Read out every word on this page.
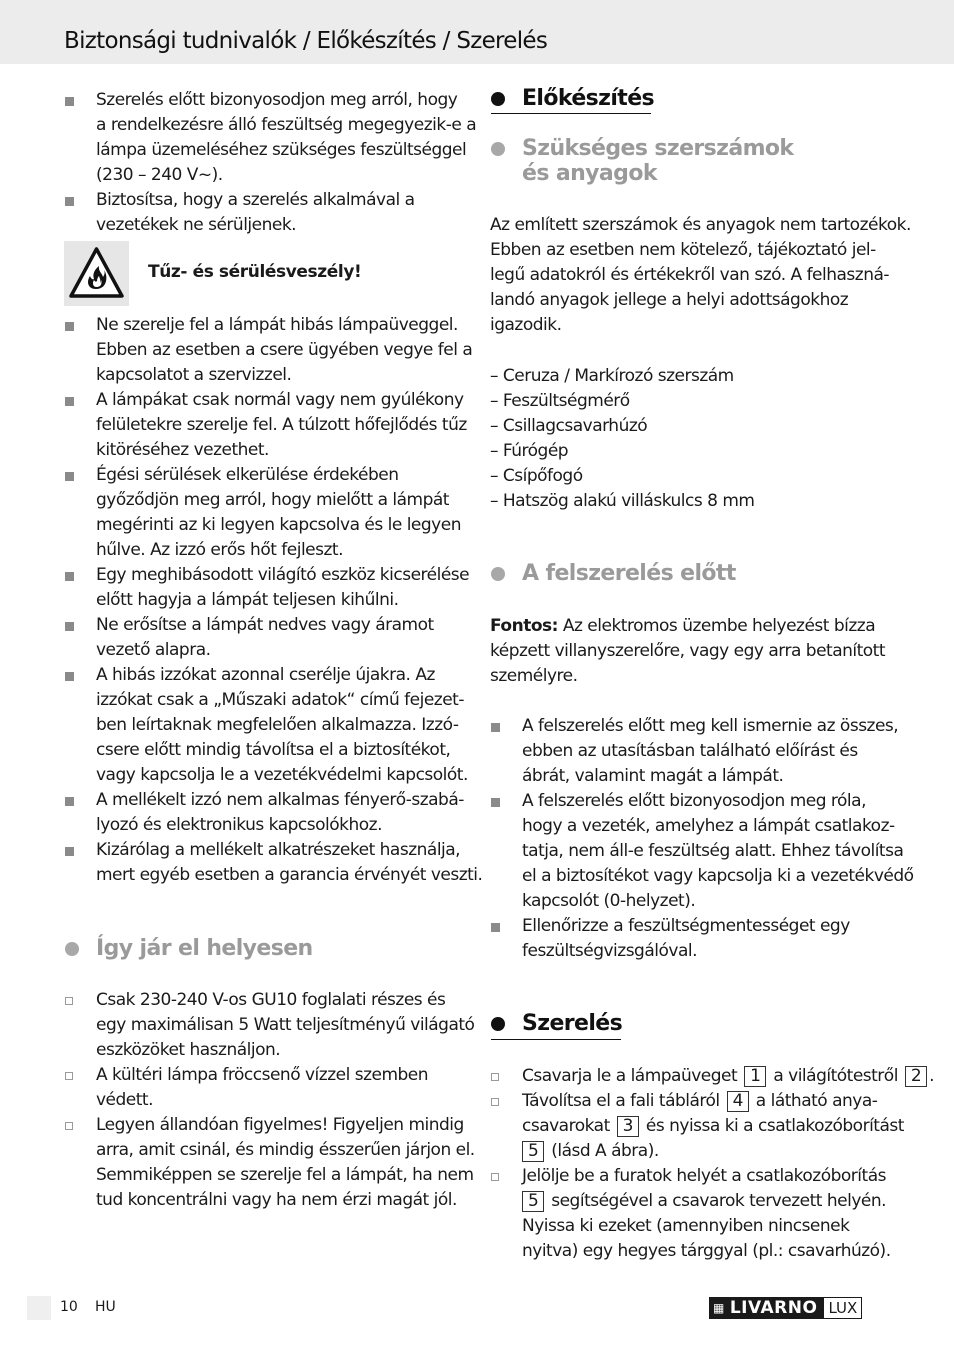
Biztonsági tudnivalók / Előkészítés / Szerelés
Szerelés előtt bizonyosodjon meg arról, hogy
a rendelkezésre álló feszültség megegyezik-e a
lámpa üzemeléséhez szükséges feszültséggel
(230 – 240 V~).
Biztosítsa, hogy a szerelés alkalmával a
vezetékek ne sérüljenek.
Tűz- és sérülésveszély!
Ne szerelje fel a lámpát hibás lámpaüveggel.
Ebben az esetben a csere ügyében vegye fel a
kapcsolatot a szervizzel.
A lámpákat csak normál vagy nem gyúlékony
felületekre szerelje fel. A túlzott hőfejlődés tűz
kitöréséhez vezethet.
Égési sérülések elkerülése érdekében
győződjön meg arról, hogy mielőtt a lámpát
megérinti az ki legyen kapcsolva és le legyen
hűlve. Az izzó erős hőt fejleszt.
Egy meghibásodott világító eszköz kicserélése
előtt hagyja a lámpát teljesen kihűlni.
Ne erősítse a lámpát nedves vagy áramot
vezető alapra.
A hibás izzókat azonnal cserélje újakra. Az
izzókat csak a „Műszaki adatok“ című fejezet-
ben leírtaknak megfelelően alkalmazza. Izzó-
csere előtt mindig távolítsa el a biztosítékot,
vagy kapcsolja le a vezetékvédelmi kapcsolót.
A mellékelt izzó nem alkalmas fényerő-szabá-
lyozó és elektronikus kapcsolókhoz.
Kizárólag a mellékelt alkatrészeket használja,
mert egyéb esetben a garancia érvényét veszti.
Így jár el helyesen
Csak 230-240 V-os GU10 foglalati részes és
egy maximálisan 5 Watt teljesítményű világató
eszközöket használjon.
A kültéri lámpa fröccsenő vízzel szemben
védett.
Legyen állandóan figyelmes! Figyeljen mindig
arra, amit csinál, és mindig ésszerűen járjon el.
Semmiképpen se szerelje fel a lámpát, ha nem
tud koncentrálni vagy ha nem érzi magát jól.
Előkészítés
Szükséges szerszámok
és anyagok
Az említett szerszámok és anyagok nem tartozékok.
Ebben az esetben nem kötelező, tájékoztató jel-
legű adatokról és értékekről van szó. A felhaszná-
landó anyagok jellege a helyi adottságokhoz
igazodik.
– Ceruza / Markírozó szerszám
– Feszültségmérő
– Csillagcsavarhúzó
– Fúrógép
– Csípőfogó
– Hatszög alakú villáskulcs 8 mm
A felszerelés előtt
Fontos: Az elektromos üzembe helyezést bízza
képzett villanyszerelőre, vagy egy arra betanított
személyre.
A felszerelés előtt meg kell ismernie az összes,
ebben az utasításban található előírást és
ábrát, valamint magát a lámpát.
A felszerelés előtt bizonyosodjon meg róla,
hogy a vezeték, amelyhez a lámpát csatlakoz-
tatja, nem áll-e feszültség alatt. Ehhez távolítsa
el a biztosítékot vagy kapcsolja ki a vezetékvédő
kapcsolót (0-helyzet).
Ellenőrizze a feszültségmentességet egy
feszültségvizsgálóval.
Szerelés
Csavarja le a lámpaüveget 1 a világítótestről 2 .
Távolítsa el a fali tábláról 4 a látható anya-
csavarokat 3 és nyissa ki a csatlakozóborítást
5 (lásd A ábra).
Jelölje be a furatok helyét a csatlakozóborítás
5 segítségével a csavarok tervezett helyén.
Nyissa ki ezeket (amennyiben nincsenek
nyitva) egy hegyes tárggyal (pl.: csavarhúzó).
10 HU	▦ LIVARNO LUX
